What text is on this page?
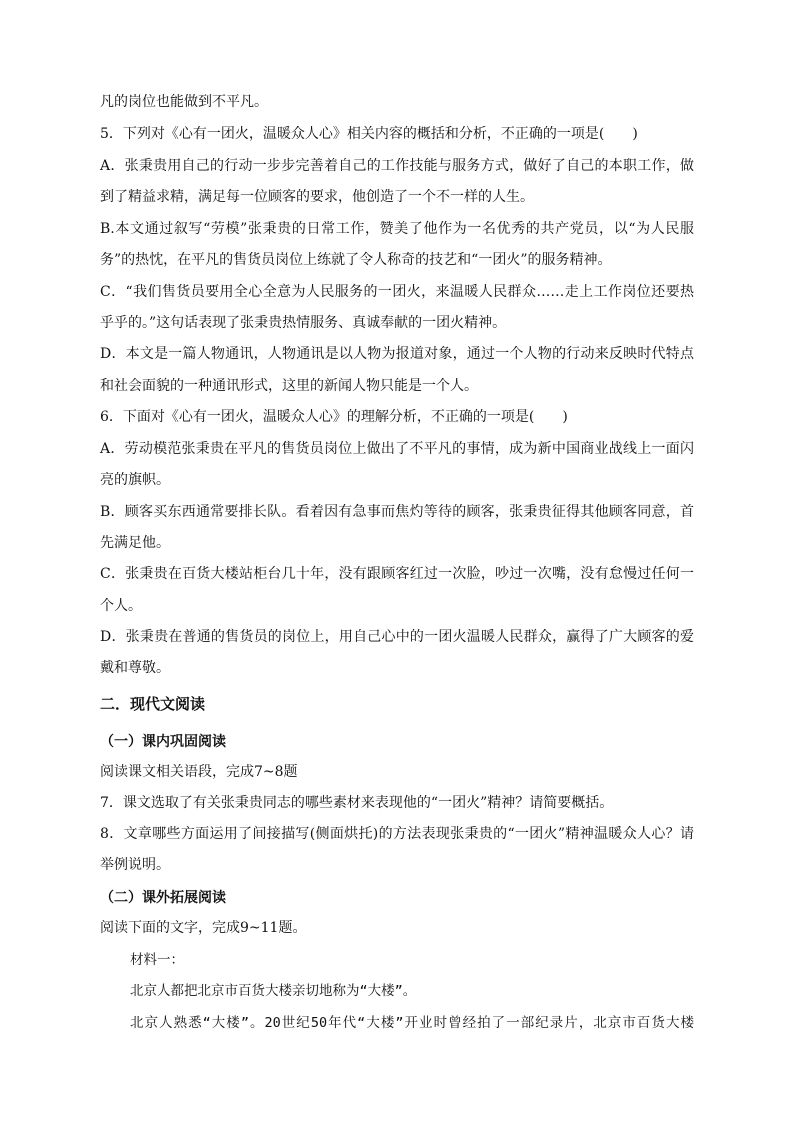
凡的岗位也能做到不平凡。
5．下列对《心有一团火，温暖众人心》相关内容的概括和分析，不正确的一项是(　　)
A．张秉贵用自己的行动一步步完善着自己的工作技能与服务方式，做好了自己的本职工作，做
到了精益求精，满足每一位顾客的要求，他创造了一个不一样的人生。
B.本文通过叙写“劳模”张秉贵的日常工作，赞美了他作为一名优秀的共产党员，以“为人民服
务”的热忱，在平凡的售货员岗位上练就了令人称奇的技艺和“一团火”的服务精神。
C．“我们售货员要用全心全意为人民服务的一团火，来温暖人民群众……走上工作岗位还要热
乎乎的。”这句话表现了张秉贵热情服务、真诚奉献的一团火精神。
D．本文是一篇人物通讯，人物通讯是以人物为报道对象，通过一个人物的行动来反映时代特点
和社会面貌的一种通讯形式，这里的新闻人物只能是一个人。
6．下面对《心有一团火，温暖众人心》的理解分析，不正确的一项是(　　)
A．劳动模范张秉贵在平凡的售货员岗位上做出了不平凡的事情，成为新中国商业战线上一面闪
亮的旗帜。
B．顾客买东西通常要排长队。看着因有急事而焦灼等待的顾客，张秉贵征得其他顾客同意，首
先满足他。
C．张秉贵在百货大楼站柜台几十年，没有跟顾客红过一次脸，吵过一次嘴，没有怠慢过任何一
个人。
D．张秉贵在普通的售货员的岗位上，用自己心中的一团火温暖人民群众，赢得了广大顾客的爱
戴和尊敬。
二．现代文阅读
（一）课内巩固阅读
阅读课文相关语段，完成7~8题
7．课文选取了有关张秉贵同志的哪些素材来表现他的“一团火”精神？请简要概括。
8．文章哪些方面运用了间接描写(侧面烘托)的方法表现张秉贵的“一团火”精神温暖众人心？请
举例说明。
（二）课外拓展阅读
阅读下面的文字，完成9~11题。
材料一：
北京人都把北京市百货大楼亲切地称为“大楼”。
北京人熟悉“大楼”。20世纪50年代“大楼”开业时曾经拍了一部纪录片，北京市百货大楼
